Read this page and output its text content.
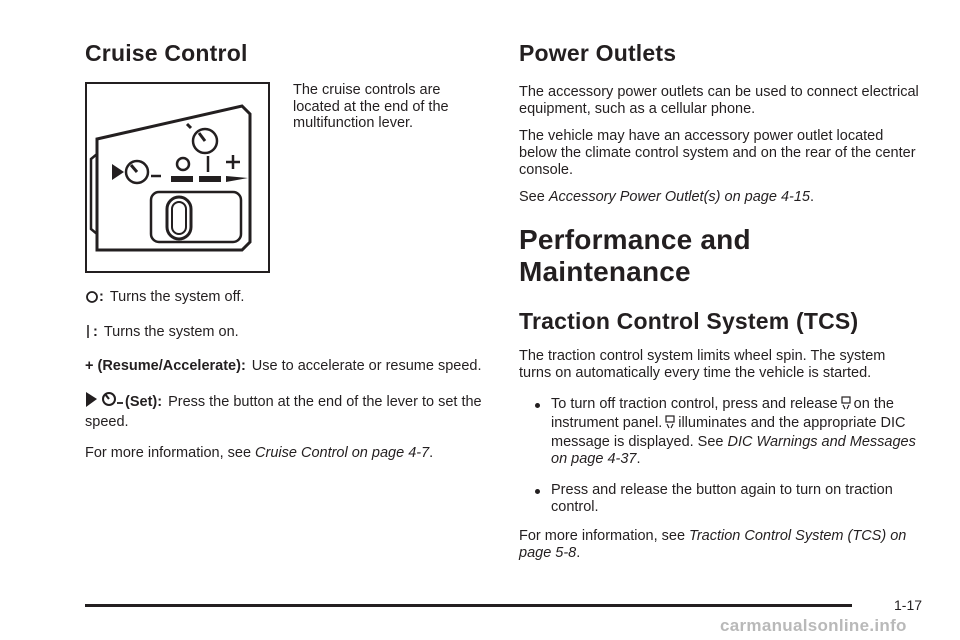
Cruise Control
The cruise controls are located at the end of the multifunction lever.
: Turns the system off.
: Turns the system on.
+ (Resume/Accelerate): Use to accelerate or resume speed.
(Set): Press the button at the end of the lever to set the speed.

For more information, see Cruise Control on page 4-7.

Power Outlets

The accessory power outlets can be used to connect electrical equipment, such as a cellular phone.

The vehicle may have an accessory power outlet located below the climate control system and on the rear of the center console.

See Accessory Power Outlet(s) on page 4-15.

Performance and Maintenance
Traction Control System (TCS)

The traction control system limits wheel spin. The system turns on automatically every time the vehicle is started.

To turn off traction control, press and release on the instrument panel. illuminates and the appropriate DIC message is displayed. See DIC Warnings and Messages on page 4-37.
Press and release the button again to turn on traction control.

For more information, see Traction Control System (TCS) on page 5-8.

1-17
carmanualsonline.info
